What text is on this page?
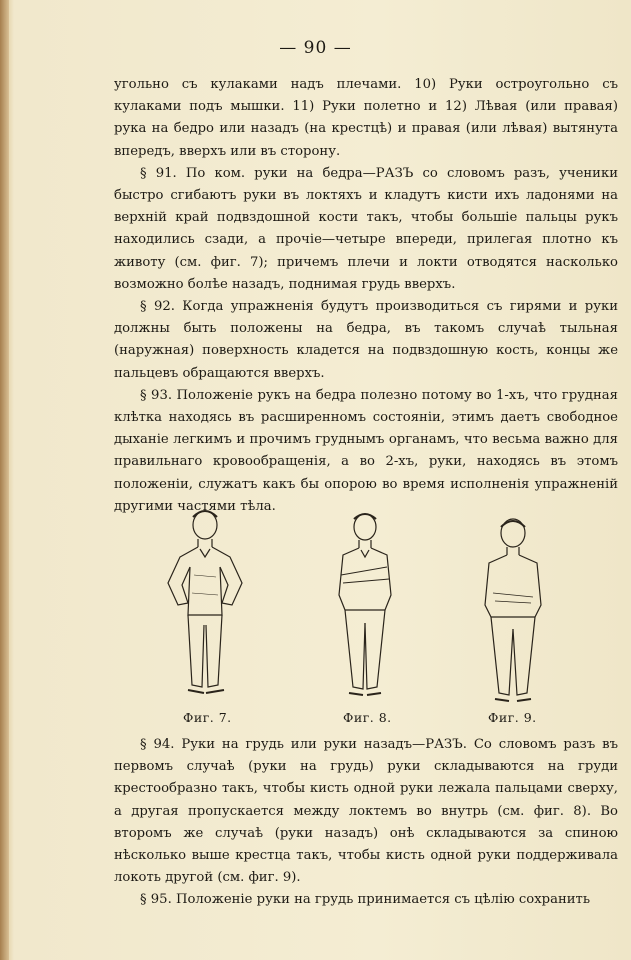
— 90 —

угольно съ кулаками надъ плечами. 10) Руки остроугольно съ кулаками подъ мышки. 11) Руки полетно и 12) Лѣвая (или правая) рука на бедро или назадъ (на крестцѣ) и правая (или лѣвая) вытянута впередъ, вверхъ или въ сторону.

§ 91. По ком. руки на бедра—РАЗЪ со словомъ разъ, ученики быстро сгибаютъ руки въ локтяхъ и кладутъ кисти ихъ ладонями на верхній край подвздошной кости такъ, чтобы большіе пальцы рукъ находились сзади, а прочіе—четыре впереди, прилегая плотно къ животу (см. фиг. 7); причемъ плечи и локти отводятся насколько возможно болѣе назадъ, поднимая грудь вверхъ.

§ 92. Когда упражненія будутъ производиться съ гирями и руки должны быть положены на бедра, въ такомъ случаѣ тыльная (наружная) поверхность кладется на подвздошную кость, концы же пальцевъ обращаются вверхъ.

§ 93. Положеніе рукъ на бедра полезно потому во 1-хъ, что грудная клѣтка находясь въ расширенномъ состояніи, этимъ даетъ свободное дыханіе легкимъ и прочимъ груднымъ органамъ, что весьма важно для правильнаго кровообращенія, а во 2-хъ, руки, находясь въ этомъ положеніи, служатъ какъ бы опорою во время исполненія упражненій другими частями тѣла.

Фиг. 7.	Фиг. 8.	Фиг. 9.

§ 94. Руки на грудь или руки назадъ—РАЗЪ. Со словомъ разъ въ первомъ случаѣ (руки на грудь) руки складываются на груди крестообразно такъ, чтобы кисть одной руки лежала пальцами сверху, а другая пропускается между локтемъ во внутрь (см. фиг. 8). Во второмъ же случаѣ (руки назадъ) онѣ складываются за спиною нѣсколько выше крестца такъ, чтобы кисть одной руки поддерживала локоть другой (см. фиг. 9).

§ 95. Положеніе руки на грудь принимается съ цѣлію сохранить
